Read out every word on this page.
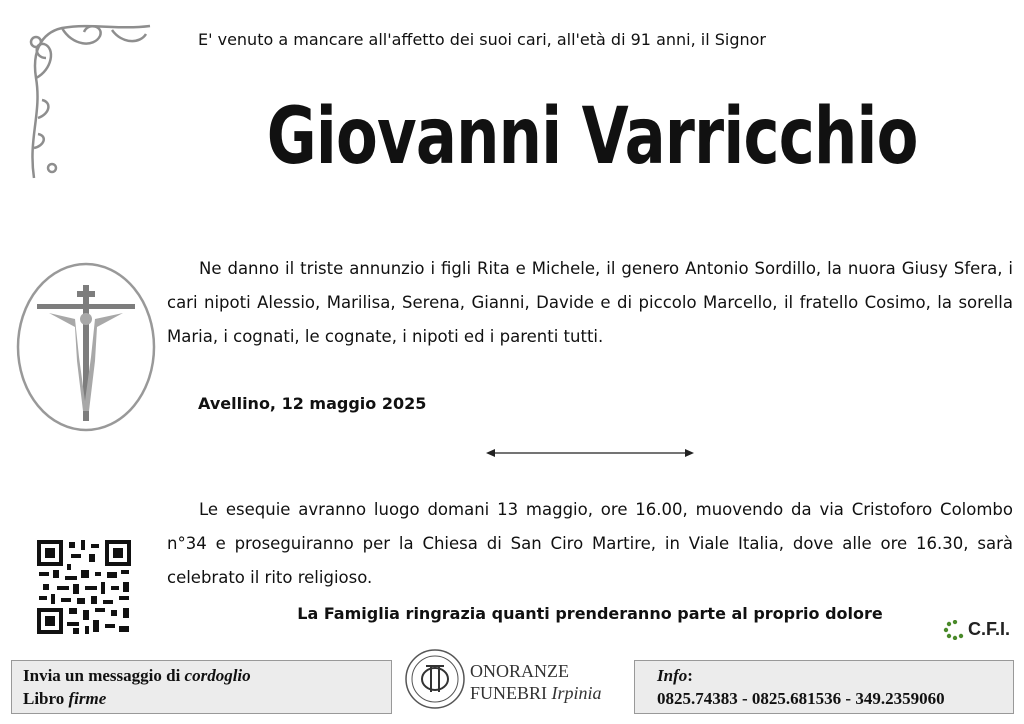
E' venuto a mancare all'affetto dei suoi cari, all'età di 91 anni, il Signor
Giovanni Varricchio
Ne danno il triste annunzio i figli Rita e Michele, il genero Antonio Sordillo, la nuora Giusy Sfera, i cari nipoti Alessio, Marilisa, Serena, Gianni, Davide e di piccolo Marcello, il fratello Cosimo, la sorella Maria, i cognati, le cognate, i nipoti ed i parenti tutti.
Avellino, 12 maggio 2025
Le esequie avranno luogo domani 13 maggio, ore 16.00, muovendo da via Cristoforo Colombo n°34 e proseguiranno per la Chiesa di San Ciro Martire, in Viale Italia, dove alle ore 16.30, sarà celebrato il rito religioso.
La Famiglia ringrazia quanti prenderanno parte al proprio dolore
C.F.I.
Invia un messaggio di cordoglio
Libro firme
ONORANZE
FUNEBRI Irpinia
Info:
0825.74383 - 0825.681536 - 349.2359060
